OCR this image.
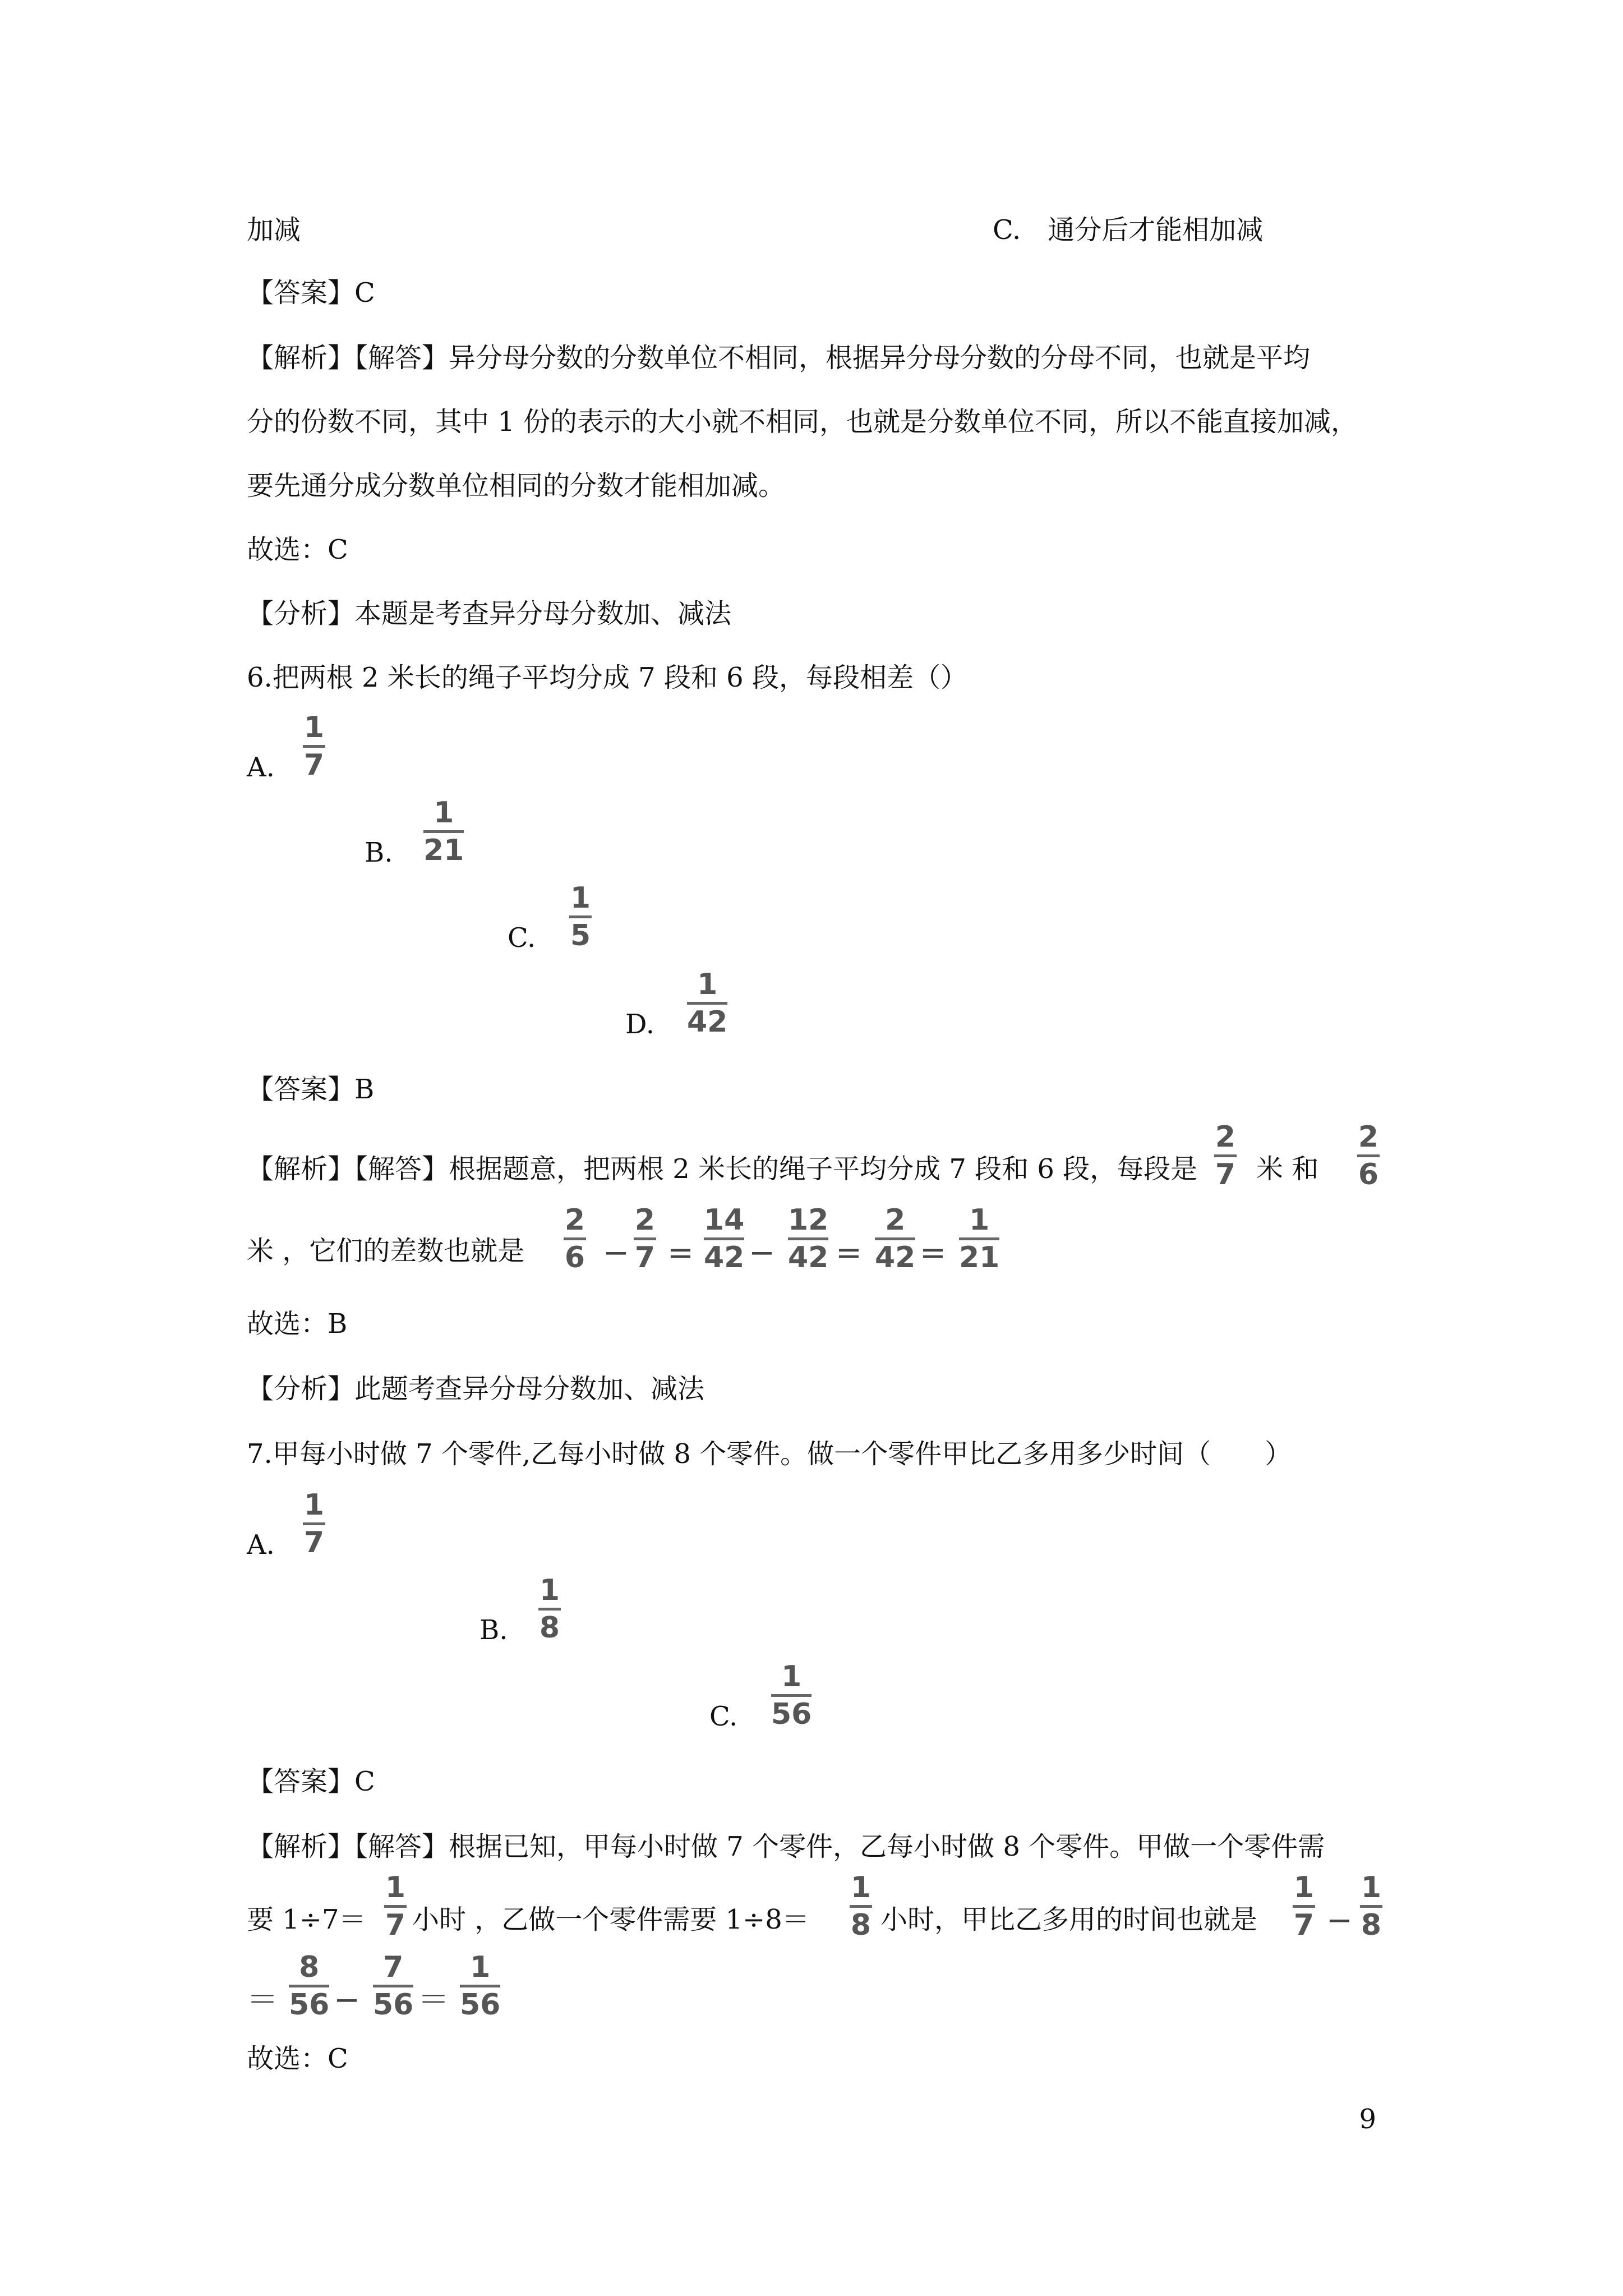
加减	C.　通分后才能相加减
【答案】C
【解析】【解答】异分母分数的分数单位不相同，根据异分母分数的分母不同，也就是平均
分的份数不同，其中 1 份的表示的大小就不相同，也就是分数单位不同，所以不能直接加减，
要先通分成分数单位相同的分数才能相加减。
故选：C
【分析】本题是考查异分母分数加、减法
6.把两根 2 米长的绳子平均分成 7 段和 6 段，每段相差（）
A.
1
7
B.
1
21
C.
1
5
D.
1
42
【答案】B
【解析】【解答】根据题意，把两根 2 米长的绳子平均分成 7 段和 6 段，每段是
2
7 米 和
2
6
米 ，它们的差数也就是
2
6 −
2
7 =
14
42 −
12
42 =
2
42 =
1
21
故选：B
【分析】此题考查异分母分数加、减法
7.甲每小时做 7 个零件,乙每小时做 8 个零件。做一个零件甲比乙多用多少时间（　　）
A.
1
7
B.
1
8
C.
1
56
【答案】C
【解析】【解答】根据已知，甲每小时做 7 个零件，乙每小时做 8 个零件。甲做一个零件需
要 1÷7＝
1
7 小时 ，乙做一个零件需要 1÷8＝
1
8 小时，甲比乙多用的时间也就是
1
7 −
1
8
＝
8
56 −
7
56 ＝
1
56
故选：C
9
